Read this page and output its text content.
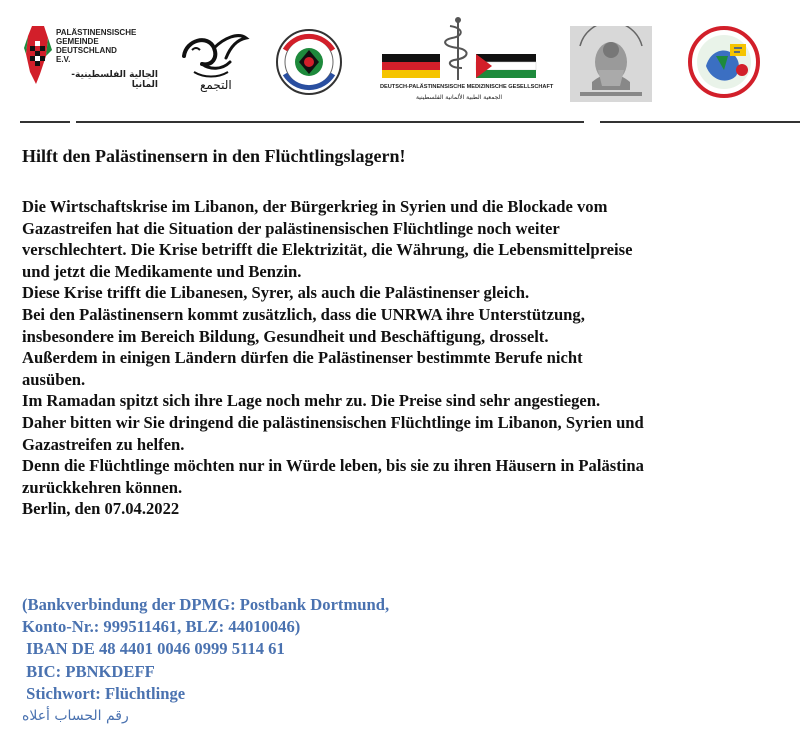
PALÄSTINENSISCHE
GEMEINDE
DEUTSCHLAND
E.V.
الجالية الفلسطينية-المانيا	التجمع	DEUTSCH-PALÄSTINENSISCHE MEDIZINISCHE GESELLSCHAFT
الجمعية الطبية الألمانية الفلسطينية
Hilft den Palästinensern in den Flüchtlingslagern!
Die Wirtschaftskrise im Libanon, der Bürgerkrieg in Syrien und die Blockade vom
Gazastreifen hat die Situation der palästinensischen Flüchtlinge noch weiter
verschlechtert. Die Krise betrifft die Elektrizität, die Währung, die Lebensmittelpreise
und jetzt die Medikamente und Benzin.
Diese Krise trifft die Libanesen, Syrer, als auch die Palästinenser gleich.
Bei den Palästinensern kommt zusätzlich, dass die UNRWA ihre Unterstützung,
insbesondere im Bereich Bildung, Gesundheit und Beschäftigung, drosselt.
Außerdem in einigen Ländern dürfen die Palästinenser bestimmte Berufe nicht
ausüben.
Im Ramadan spitzt sich ihre Lage noch mehr zu. Die Preise sind sehr angestiegen.
Daher bitten wir Sie dringend die palästinensischen Flüchtlinge im Libanon, Syrien und
Gazastreifen zu helfen.
Denn die Flüchtlinge möchten nur in Würde leben, bis sie zu ihren Häusern in Palästina
zurückkehren können.
Berlin, den 07.04.2022
(Bankverbindung der DPMG: Postbank Dortmund,
Konto-Nr.: 999511461, BLZ: 44010046)
IBAN DE 48 4401 0046 0999 5114 61
BIC: PBNKDEFF
Stichwort: Flüchtlinge
رقم الحساب أعلاه
